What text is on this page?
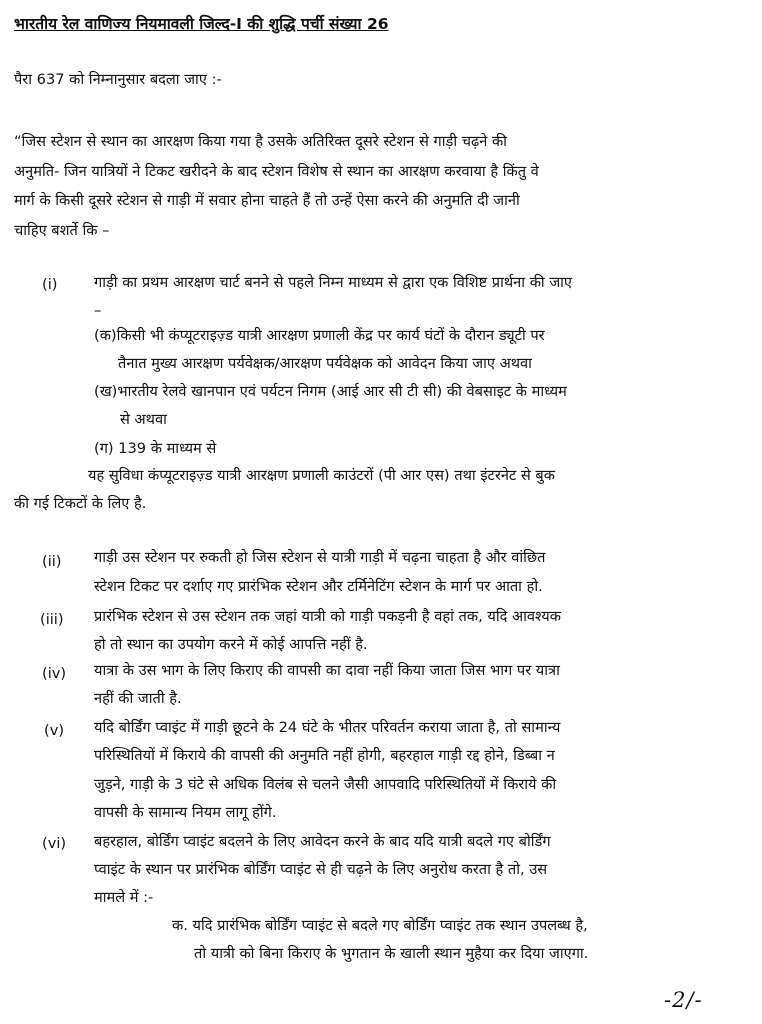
भारतीय रेल वाणिज्य नियमावली जिल्द-I की शुद्धि पर्ची संख्या 26
पैरा 637 को निम्नानुसार बदला जाए :-
“जिस स्टेशन से स्थान का आरक्षण किया गया है उसके अतिरिक्त दूसरे स्टेशन से गाड़ी चढ़ने की
अनुमति- जिन यात्रियों ने टिकट खरीदने के बाद स्टेशन विशेष से स्थान का आरक्षण करवाया है किंतु वे
मार्ग के किसी दूसरे स्टेशन से गाड़ी में सवार होना चाहते हैं तो उन्हें ऐसा करने की अनुमति दी जानी
चाहिए बशर्ते कि –
(i)	गाड़ी का प्रथम आरक्षण चार्ट बनने से पहले निम्न माध्यम से द्वारा एक विशिष्ट प्रार्थना की जाए
–
(क)किसी भी कंप्यूटराइज़्ड यात्री आरक्षण प्रणाली केंद्र पर कार्य घंटों के दौरान ड्यूटी पर
तैनात मुख्य आरक्षण पर्यवेक्षक/आरक्षण पर्यवेक्षक को आवेदन किया जाए अथवा
(ख)भारतीय रेलवे खानपान एवं पर्यटन निगम (आई आर सी टी सी) की वेबसाइट के माध्यम
से अथवा
(ग) 139 के माध्यम से
यह सुविधा कंप्यूटराइज़्ड यात्री आरक्षण प्रणाली काउंटरों (पी आर एस) तथा इंटरनेट से बुक
की गई टिकटों के लिए है.
(ii) गाड़ी उस स्टेशन पर रुकती हो जिस स्टेशन से यात्री गाड़ी में चढ़ना चाहता है और वांछित
स्टेशन टिकट पर दर्शाए गए प्रारंभिक स्टेशन और टर्मिनेटिंग स्टेशन के मार्ग पर आता हो.
(iii) प्रारंभिक स्टेशन से उस स्टेशन तक जहां यात्री को गाड़ी पकड़नी है वहां तक, यदि आवश्यक
हो तो स्थान का उपयोग करने में कोई आपत्ति नहीं है.
(iv) यात्रा के उस भाग के लिए किराए की वापसी का दावा नहीं किया जाता जिस भाग पर यात्रा
नहीं की जाती है.
(v) यदि बोर्डिंग प्वाइंट में गाड़ी छूटने के 24 घंटे के भीतर परिवर्तन कराया जाता है, तो सामान्य
परिस्थितियों में किराये की वापसी की अनुमति नहीं होगी, बहरहाल गाड़ी रद्द होने, डिब्बा न
जुड़ने, गाड़ी के 3 घंटे से अधिक विलंब से चलने जैसी आपवादि परिस्थितियों में किराये की
वापसी के सामान्य नियम लागू होंगे.
(vi) बहरहाल, बोर्डिंग प्वाइंट बदलने के लिए आवेदन करने के बाद यदि यात्री बदले गए बोर्डिंग
प्वाइंट के स्थान पर प्रारंभिक बोर्डिंग प्वाइंट से ही चढ़ने के लिए अनुरोध करता है तो, उस
मामले में :-
क. यदि प्रारंभिक बोर्डिंग प्वाइंट से बदले गए बोर्डिंग प्वाइंट तक स्थान उपलब्ध है,
तो यात्री को बिना किराए के भुगतान के खाली स्थान मुहैया कर दिया जाएगा.
-2/-
